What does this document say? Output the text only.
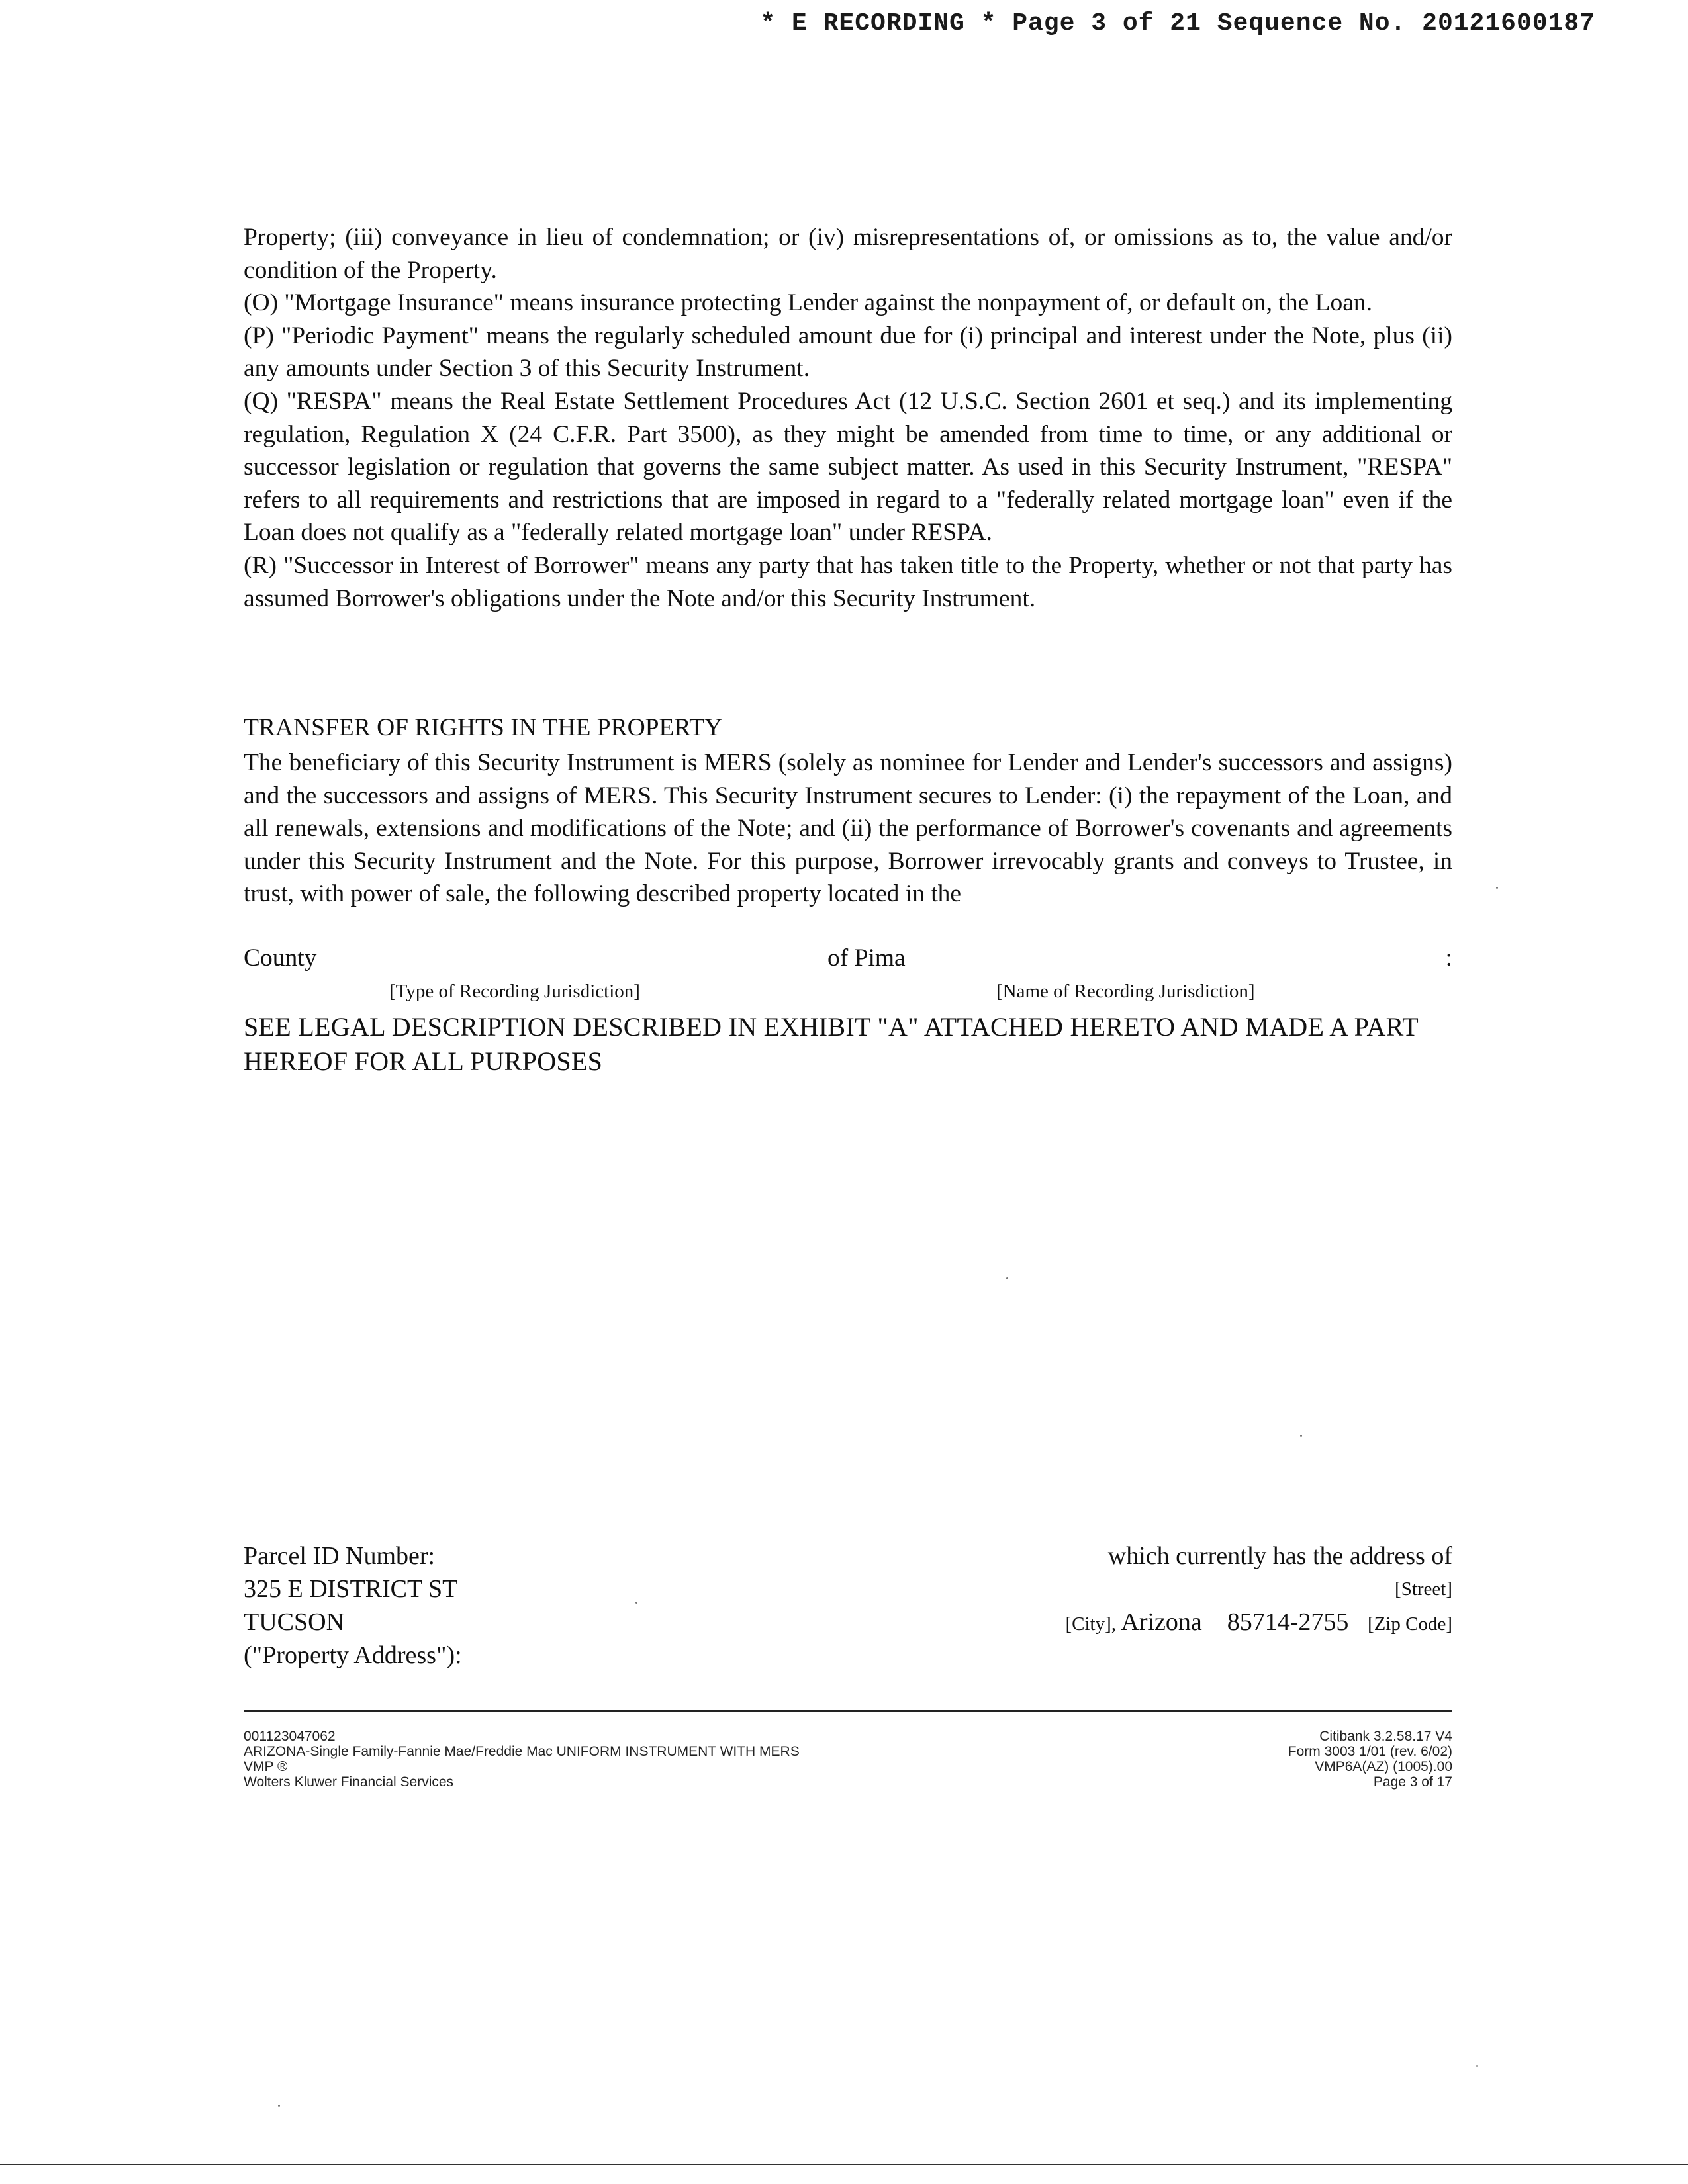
* E RECORDING * Page 3 of 21 Sequence No. 20121600187

Property; (iii) conveyance in lieu of condemnation; or (iv) misrepresentations of, or omissions as to, the value and/or condition of the Property.

(O) "Mortgage Insurance" means insurance protecting Lender against the nonpayment of, or default on, the Loan.

(P) "Periodic Payment" means the regularly scheduled amount due for (i) principal and interest under the Note, plus (ii) any amounts under Section 3 of this Security Instrument.

(Q) "RESPA" means the Real Estate Settlement Procedures Act (12 U.S.C. Section 2601 et seq.) and its implementing regulation, Regulation X (24 C.F.R. Part 3500), as they might be amended from time to time, or any additional or successor legislation or regulation that governs the same subject matter. As used in this Security Instrument, "RESPA" refers to all requirements and restrictions that are imposed in regard to a "federally related mortgage loan" even if the Loan does not qualify as a "federally related mortgage loan" under RESPA.

(R) "Successor in Interest of Borrower" means any party that has taken title to the Property, whether or not that party has assumed Borrower's obligations under the Note and/or this Security Instrument.

TRANSFER OF RIGHTS IN THE PROPERTY

The beneficiary of this Security Instrument is MERS (solely as nominee for Lender and Lender's successors and assigns) and the successors and assigns of MERS. This Security Instrument secures to Lender: (i) the repayment of the Loan, and all renewals, extensions and modifications of the Note; and (ii) the performance of Borrower's covenants and agreements under this Security Instrument and the Note. For this purpose, Borrower irrevocably grants and conveys to Trustee, in trust, with power of sale, the following described property located in the

County	of Pima	:
[Type of Recording Jurisdiction]	[Name of Recording Jurisdiction]
SEE LEGAL DESCRIPTION DESCRIBED IN EXHIBIT "A" ATTACHED HERETO AND MADE A PART HEREOF FOR ALL PURPOSES
Parcel ID Number:
325 E DISTRICT ST
TUCSON
("Property Address"):
which currently has the address of
[Street]
[City], Arizona 85714-2755 [Zip Code]
001123047062
ARIZONA-Single Family-Fannie Mae/Freddie Mac UNIFORM INSTRUMENT WITH MERS
VMP ®
Wolters Kluwer Financial Services
Citibank 3.2.58.17 V4
Form 3003 1/01 (rev. 6/02)
VMP6A(AZ) (1005).00
Page 3 of 17
